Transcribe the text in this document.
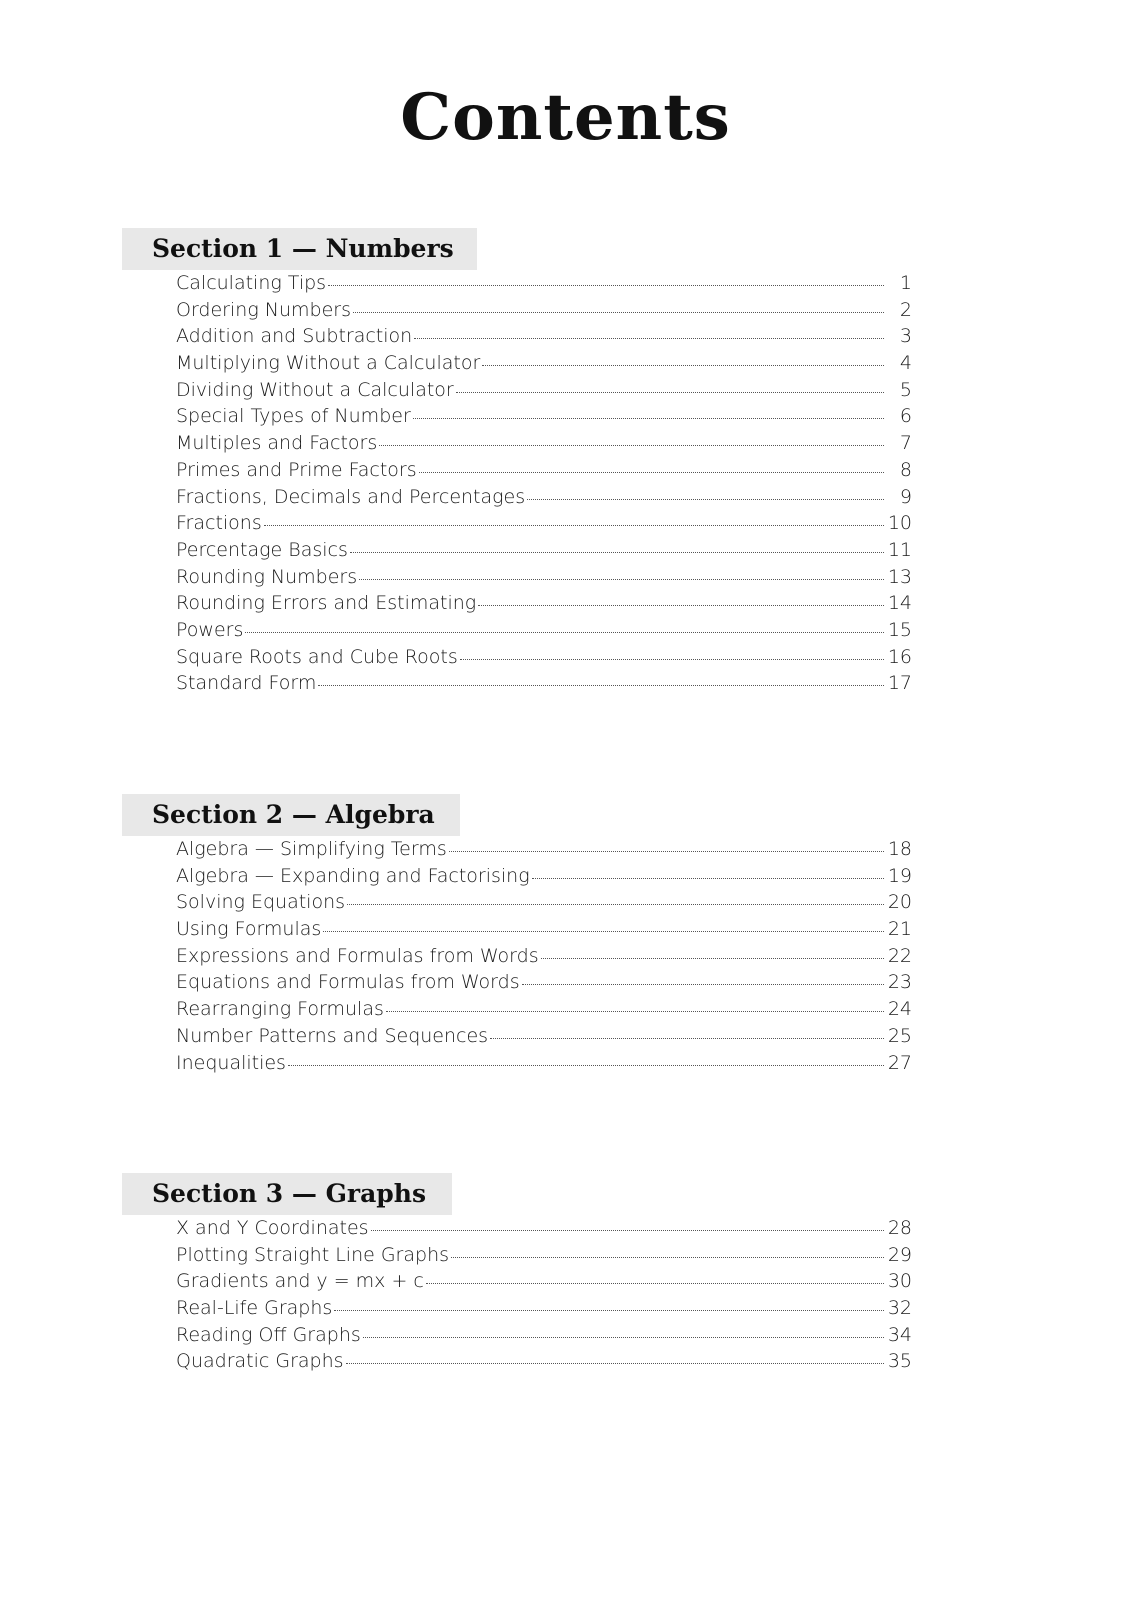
Contents
Section 1 — Numbers
Calculating Tips	1
Ordering Numbers	2
Addition and Subtraction	3
Multiplying Without a Calculator	4
Dividing Without a Calculator	5
Special Types of Number	6
Multiples and Factors	7
Primes and Prime Factors	8
Fractions, Decimals and Percentages	9
Fractions	10
Percentage Basics	11
Rounding Numbers	13
Rounding Errors and Estimating	14
Powers	15
Square Roots and Cube Roots	16
Standard Form	17
Section 2 — Algebra
Algebra — Simplifying Terms	18
Algebra — Expanding and Factorising	19
Solving Equations	20
Using Formulas	21
Expressions and Formulas from Words	22
Equations and Formulas from Words	23
Rearranging Formulas	24
Number Patterns and Sequences	25
Inequalities	27
Section 3 — Graphs
X and Y Coordinates	28
Plotting Straight Line Graphs	29
Gradients and y = mx + c	30
Real-Life Graphs	32
Reading Off Graphs	34
Quadratic Graphs	35
